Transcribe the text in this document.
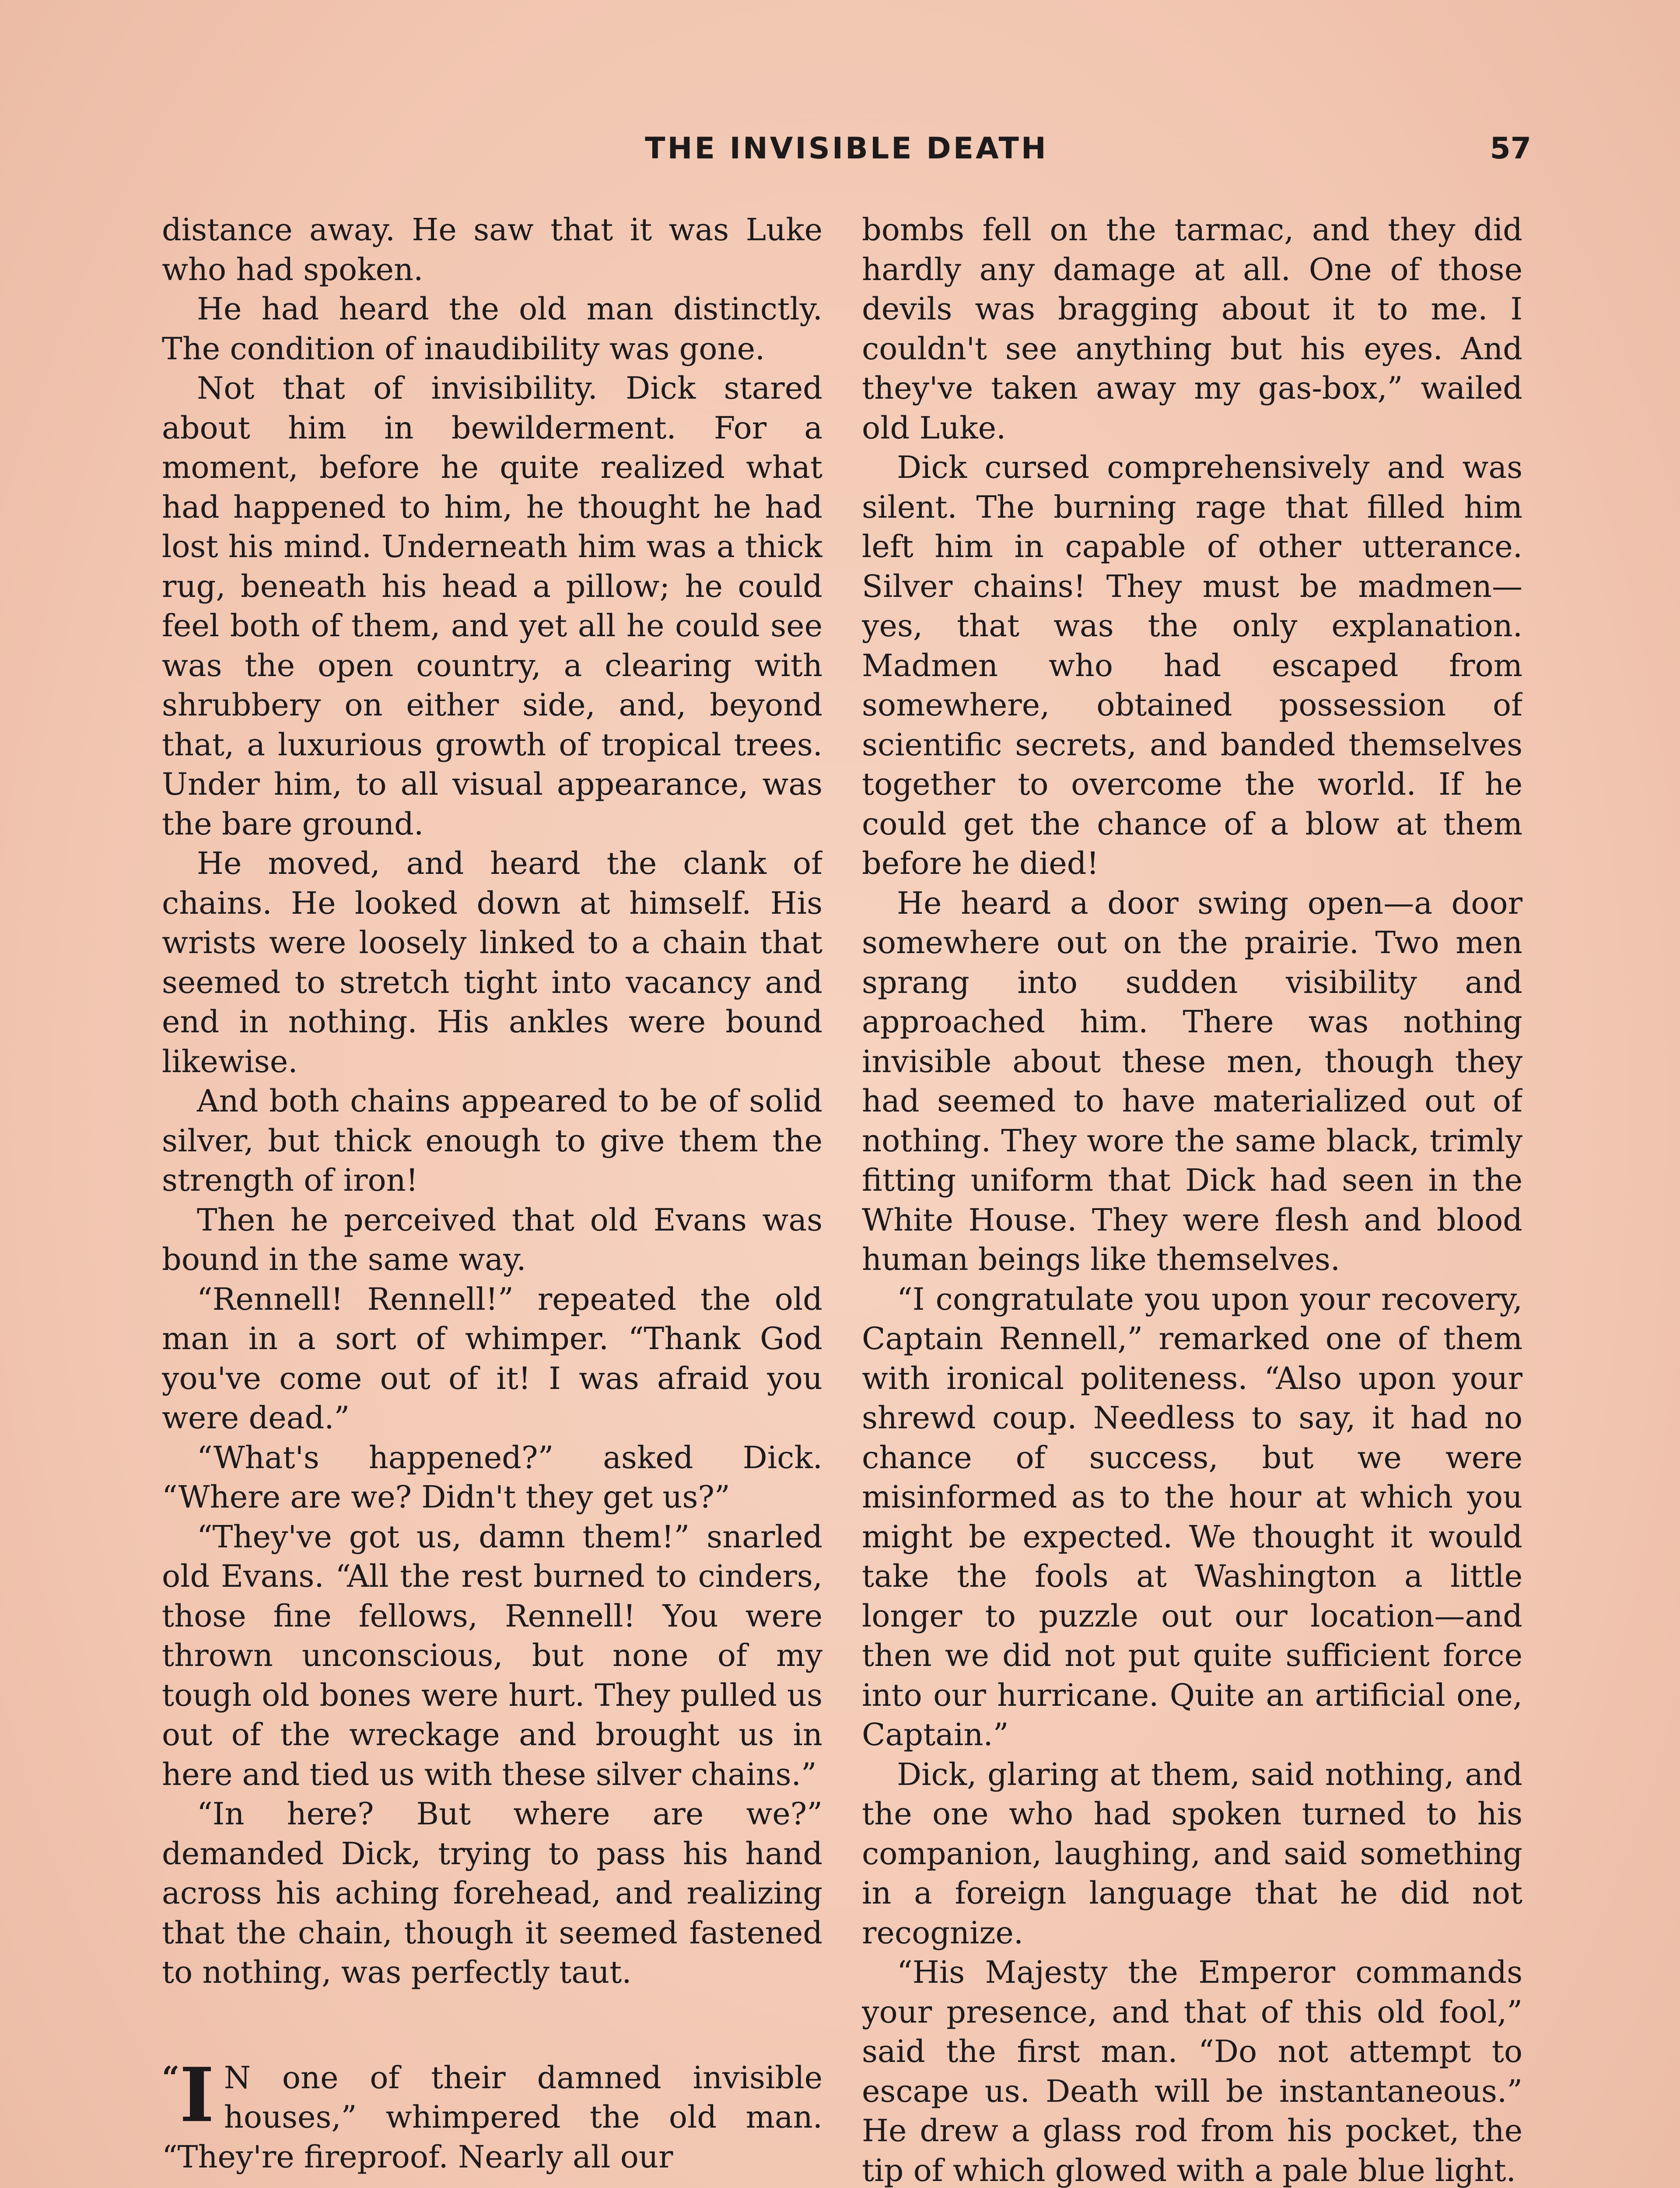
THE INVISIBLE DEATH	57

distance away. He saw that it was Luke who had spoken.

He had heard the old man distinctly. The condition of inaudibility was gone.

Not that of invisibility. Dick stared about him in bewilderment. For a moment, before he quite realized what had happened to him, he thought he had lost his mind. Underneath him was a thick rug, beneath his head a pillow; he could feel both of them, and yet all he could see was the open country, a clearing with shrubbery on either side, and, beyond that, a luxurious growth of tropical trees. Under him, to all visual appearance, was the bare ground.

He moved, and heard the clank of chains. He looked down at himself. His wrists were loosely linked to a chain that seemed to stretch tight into vacancy and end in nothing. His ankles were bound likewise.

And both chains appeared to be of solid silver, but thick enough to give them the strength of iron!

Then he perceived that old Evans was bound in the same way.

“Rennell! Rennell!” repeated the old man in a sort of whimper. “Thank God you've come out of it! I was afraid you were dead.”

“What's happened?” asked Dick. “Where are we? Didn't they get us?”

“They've got us, damn them!” snarled old Evans. “All the rest burned to cinders, those fine fellows, Rennell! You were thrown unconscious, but none of my tough old bones were hurt. They pulled us out of the wreckage and brought us in here and tied us with these silver chains.”

“In here? But where are we?” demanded Dick, trying to pass his hand across his aching forehead, and realizing that the chain, though it seemed fastened to nothing, was perfectly taut.

“I N one of their damned invisible houses,” whimpered the old man. “They're fireproof. Nearly all our

bombs fell on the tarmac, and they did hardly any damage at all. One of those devils was bragging about it to me. I couldn't see anything but his eyes. And they've taken away my gas-box,” wailed old Luke.

Dick cursed comprehensively and was silent. The burning rage that filled him left him in capable of other utterance. Silver chains! They must be madmen—yes, that was the only explanation. Madmen who had escaped from somewhere, obtained possession of scientific secrets, and banded themselves together to overcome the world. If he could get the chance of a blow at them before he died!

He heard a door swing open—a door somewhere out on the prairie. Two men sprang into sudden visibility and approached him. There was nothing invisible about these men, though they had seemed to have materialized out of nothing. They wore the same black, trimly fitting uniform that Dick had seen in the White House. They were flesh and blood human beings like themselves.

“I congratulate you upon your recovery, Captain Rennell,” remarked one of them with ironical politeness. “Also upon your shrewd coup. Needless to say, it had no chance of success, but we were misinformed as to the hour at which you might be expected. We thought it would take the fools at Washington a little longer to puzzle out our location—and then we did not put quite sufficient force into our hurricane. Quite an artificial one, Captain.”

Dick, glaring at them, said nothing, and the one who had spoken turned to his companion, laughing, and said something in a foreign language that he did not recognize.

“His Majesty the Emperor commands your presence, and that of this old fool,” said the first man. “Do not attempt to escape us. Death will be instantaneous.” He drew a glass rod from his pocket, the tip of which glowed with a pale blue light.
